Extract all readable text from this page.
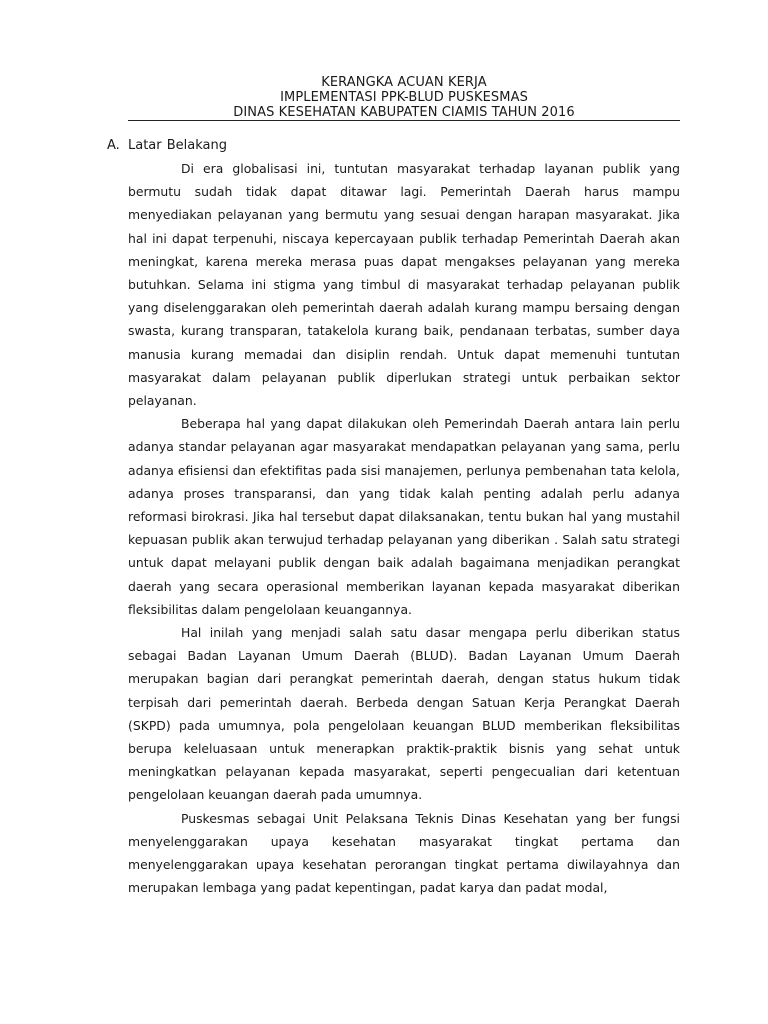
KERANGKA ACUAN KERJA
IMPLEMENTASI PPK-BLUD PUSKESMAS
DINAS KESEHATAN KABUPATEN CIAMIS TAHUN 2016
A. Latar Belakang

Di era globalisasi ini, tuntutan masyarakat terhadap layanan publik yang bermutu sudah tidak dapat ditawar lagi. Pemerintah Daerah harus mampu menyediakan pelayanan yang bermutu yang sesuai dengan harapan masyarakat. Jika hal ini dapat terpenuhi, niscaya kepercayaan publik terhadap Pemerintah Daerah akan meningkat, karena mereka merasa puas dapat mengakses pelayanan yang mereka butuhkan. Selama ini stigma yang timbul di masyarakat terhadap pelayanan publik yang diselenggarakan oleh pemerintah daerah adalah kurang mampu bersaing dengan swasta, kurang transparan, tatakelola kurang baik, pendanaan terbatas, sumber daya manusia kurang memadai dan disiplin rendah. Untuk dapat memenuhi tuntutan masyarakat dalam pelayanan publik diperlukan strategi untuk perbaikan sektor pelayanan.

Beberapa hal yang dapat dilakukan oleh Pemerindah Daerah antara lain perlu adanya standar pelayanan agar masyarakat mendapatkan pelayanan yang sama, perlu adanya efisiensi dan efektifitas pada sisi manajemen, perlunya pembenahan tata kelola, adanya proses transparansi, dan yang tidak kalah penting adalah perlu adanya reformasi birokrasi. Jika hal tersebut dapat dilaksanakan, tentu bukan hal yang mustahil kepuasan publik akan terwujud terhadap pelayanan yang diberikan . Salah satu strategi untuk dapat melayani publik dengan baik adalah bagaimana menjadikan perangkat daerah yang secara operasional memberikan layanan kepada masyarakat diberikan fleksibilitas dalam pengelolaan keuangannya.

Hal inilah yang menjadi salah satu dasar mengapa perlu diberikan status sebagai Badan Layanan Umum Daerah (BLUD). Badan Layanan Umum Daerah merupakan bagian dari perangkat pemerintah daerah, dengan status hukum tidak terpisah dari pemerintah daerah. Berbeda dengan Satuan Kerja Perangkat Daerah (SKPD) pada umumnya, pola pengelolaan keuangan BLUD memberikan fleksibilitas berupa keleluasaan untuk menerapkan praktik-praktik bisnis yang sehat untuk meningkatkan pelayanan kepada masyarakat, seperti pengecualian dari ketentuan pengelolaan keuangan daerah pada umumnya.

Puskesmas sebagai Unit Pelaksana Teknis Dinas Kesehatan yang ber fungsi menyelenggarakan upaya kesehatan masyarakat tingkat pertama dan menyelenggarakan upaya kesehatan perorangan tingkat pertama diwilayahnya dan merupakan lembaga yang padat kepentingan, padat karya dan padat modal,
